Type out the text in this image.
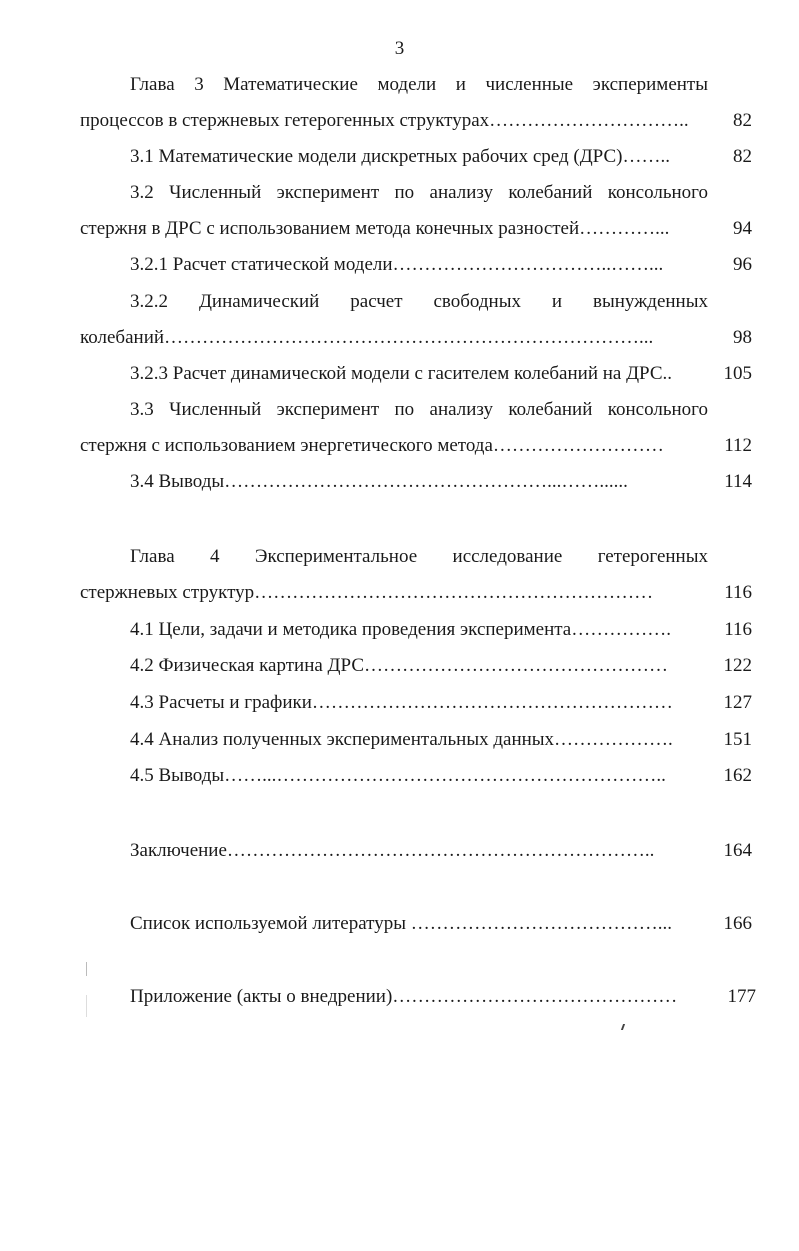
3
Глава 3 Математические модели и численные эксперименты
процессов в стержневых гетерогенных структурах…………………………..	82
3.1 Математические модели дискретных рабочих сред (ДРС)……..	82
3.2 Численный эксперимент по анализу колебаний консольного
стержня в ДРС с использованием метода конечных разностей…………...	94
3.2.1 Расчет статической модели……………………………..……...	96
3.2.2 Динамический расчет свободных и вынужденных
колебаний…………………………………………………………………...	98
3.2.3 Расчет динамической модели с гасителем колебаний на ДРС..	105
3.3 Численный эксперимент по анализу колебаний консольного
стержня с использованием энергетического метода………………………	112
3.4 Выводы……………………………………………...……......	114
Глава 4 Экспериментальное исследование гетерогенных
стержневых структур………………………………………………………	116
4.1 Цели, задачи и методика проведения эксперимента…………….	116
4.2 Физическая картина ДРС…………………………………………	122
4.3 Расчеты и графики…………………………………………………	127
4.4 Анализ полученных экспериментальных данных……………….	151
4.5 Выводы……...……………………………………………………..	162
Заключение…………………………………………………………..	164
Список используемой литературы …………………………………...	166
Приложение (акты о внедрении)………………………………………	177
